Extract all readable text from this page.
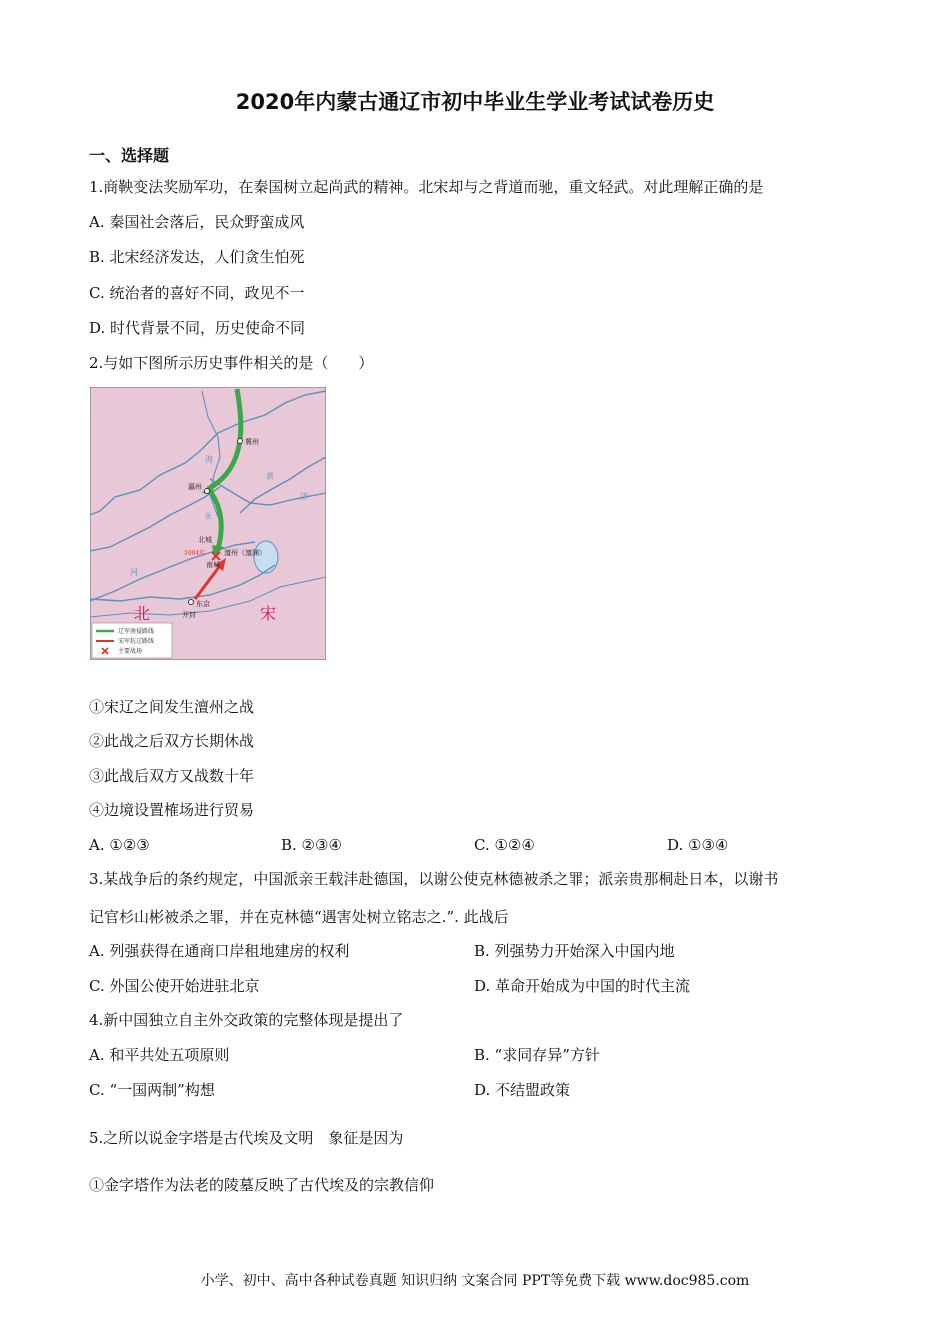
2020年内蒙古通辽市初中毕业生学业考试试卷历史
一、选择题
1.商鞅变法奖励军功，在秦国树立起尚武的精神。北宋却与之背道而驰，重文轻武。对此理解正确的是
A. 秦国社会落后，民众野蛮成风
B. 北宋经济发达，人们贪生怕死
C. 统治者的喜好不同，政见不一
D. 时代背景不同，历史使命不同
2.与如下图所示历史事件相关的是（　　）
冀州
瀛州
北城
澶州（澶渊）
南城
东京
开封
1004年
海
永
黄
济
河
北	宋
辽军南侵路线
宋军抗辽路线
主要战场
①宋辽之间发生澶州之战
②此战之后双方长期休战
③此战后双方又战数十年
④边境设置榷场进行贸易
A. ①②③	B. ②③④	C. ①②④	D. ①③④
3.某战争后的条约规定，中国派亲王载沣赴德国，以谢公使克林德被杀之罪；派亲贵那桐赴日本，以谢书
记官杉山彬被杀之罪，并在克林德“遇害处树立铭志之.”. 此战后
A. 列强获得在通商口岸租地建房的权利	B. 列强势力开始深入中国内地
C. 外国公使开始进驻北京	D. 革命开始成为中国的时代主流
4.新中国独立自主外交政策的完整体现是提出了
A. 和平共处五项原则	B. “求同存异”方针
C. “一国两制”构想	D. 不结盟政策
5.之所以说金字塔是古代埃及文明　象征是因为
①金字塔作为法老的陵墓反映了古代埃及的宗教信仰
小学、初中、高中各种试卷真题 知识归纳 文案合同 PPT等免费下载 www.doc985.com
